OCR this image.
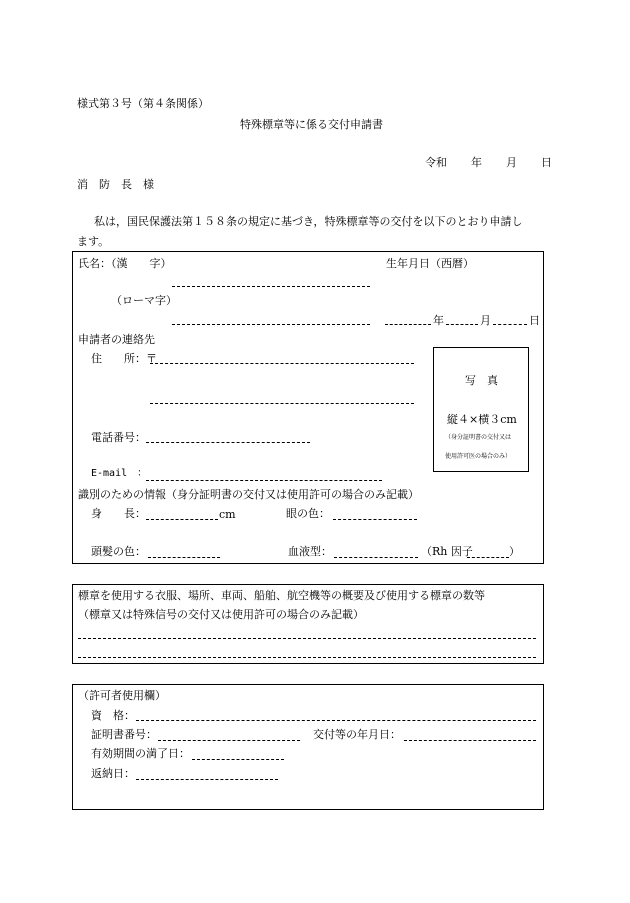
様式第３号（第４条関係）
特殊標章等に係る交付申請書
令和 年 月 日
消　防　長　様
私は，国民保護法第１５８条の規定に基づき，特殊標章等の交付を以下のとおり申請し
ます。
氏名：（漢　　字）	生年月日（西暦）
（ローマ字）
年	月	日
申請者の連絡先
住　　所：〒
写　真
縦４×横３cm
（身分証明書の交付又は
使用許可医の場合のみ）
電話番号：
E-mail　：
識別のための情報（身分証明書の交付又は使用許可の場合のみ記載）
身　　長：	cm	眼の色：
頭髪の色：	血液型：	（Rh 因子	）
標章を使用する衣服、場所、車両、船舶、航空機等の概要及び使用する標章の数等
（標章又は特殊信号の交付又は使用許可の場合のみ記載）
（許可者使用欄）
資　格：
証明書番号：	交付等の年月日：
有効期間の満了日：
返納日：
